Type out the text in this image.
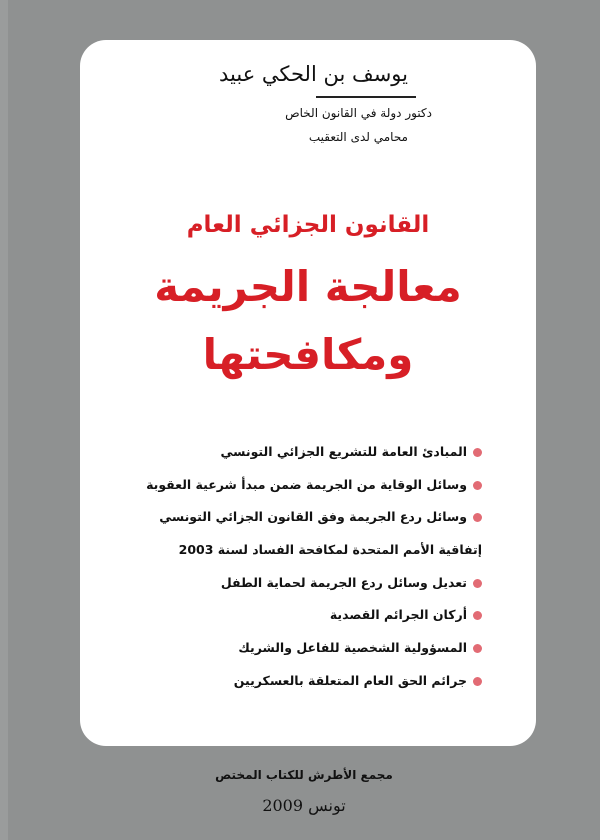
يوسف بن الحكي عبيد
دكتور دولة في القانون الخاص
محامي لدى التعقيب
القانون الجزائي العام
معالجة الجريمة
ومكافحتها
المبادئ العامة للتشريع الجزائي التونسي
وسائل الوقاية من الجريمة ضمن مبدأ شرعية العقوبة
وسائل ردع الجريمة وفق القانون الجزائي التونسي
إتفاقية الأمم المتحدة لمكافحة الفساد لسنة 2003
تعديل وسائل ردع الجريمة لحماية الطفل
أركان الجرائم القصدية
المسؤولية الشخصية للفاعل والشريك
جرائم الحق العام المتعلقة بالعسكريين
مجمع الأطرش للكتاب المختص
تونس 2009
